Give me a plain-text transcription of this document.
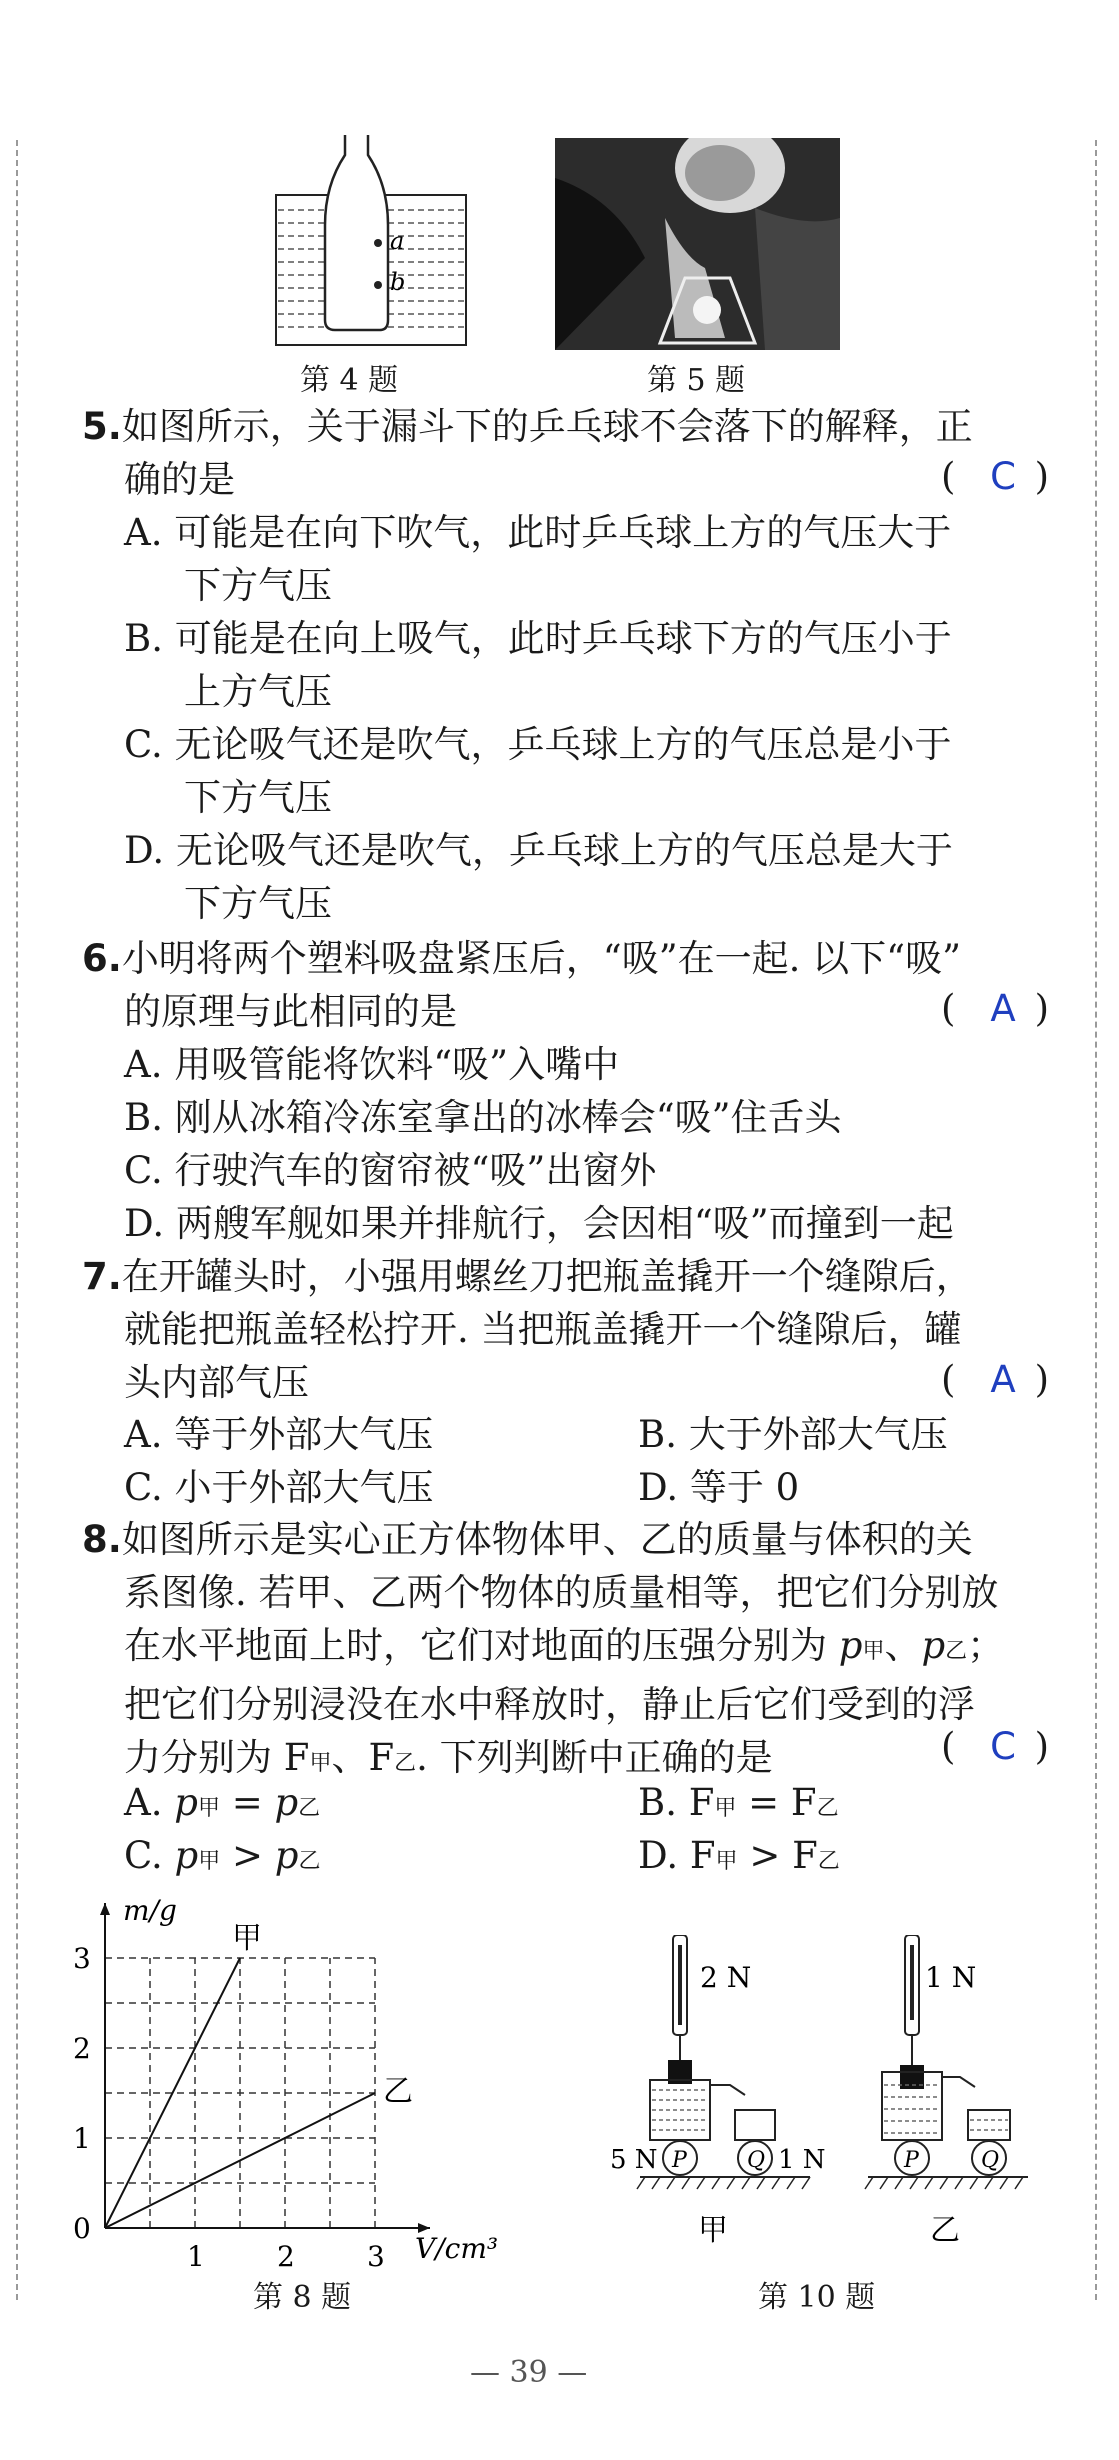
a
b
第 4 题	第 5 题
5.如图所示，关于漏斗下的乒乓球不会落下的解释，正
确的是	( C )
A. 可能是在向下吹气，此时乒乓球上方的气压大于
下方气压
B. 可能是在向上吸气，此时乒乓球下方的气压小于
上方气压
C. 无论吸气还是吹气，乒乓球上方的气压总是小于
下方气压
D. 无论吸气还是吹气，乒乓球上方的气压总是大于
下方气压
6.小明将两个塑料吸盘紧压后，“吸”在一起. 以下“吸”
的原理与此相同的是	( A )
A. 用吸管能将饮料“吸”入嘴中
B. 刚从冰箱冷冻室拿出的冰棒会“吸”住舌头
C. 行驶汽车的窗帘被“吸”出窗外
D. 两艘军舰如果并排航行，会因相“吸”而撞到一起
7.在开罐头时，小强用螺丝刀把瓶盖撬开一个缝隙后，
就能把瓶盖轻松拧开. 当把瓶盖撬开一个缝隙后，罐
头内部气压	( A )
A. 等于外部大气压	B. 大于外部大气压
C. 小于外部大气压	D. 等于 0
8.如图所示是实心正方体物体甲、乙的质量与体积的关
系图像. 若甲、乙两个物体的质量相等，把它们分别放
在水平地面上时，它们对地面的压强分别为 p甲、p乙；
把它们分别浸没在水中释放时，静止后它们受到的浮
力分别为 F甲、F乙. 下列判断中正确的是	( C )
A. p甲 = p乙	B. F甲 = F乙
C. p甲 > p乙	D. F甲 > F乙
m/g
V/cm³
1	2	3
0
1
2
3
甲
乙
第 8 题
2 N
P	Q
5 N	1 N
甲
1 N
P	Q
乙
第 10 题
— 39 —
